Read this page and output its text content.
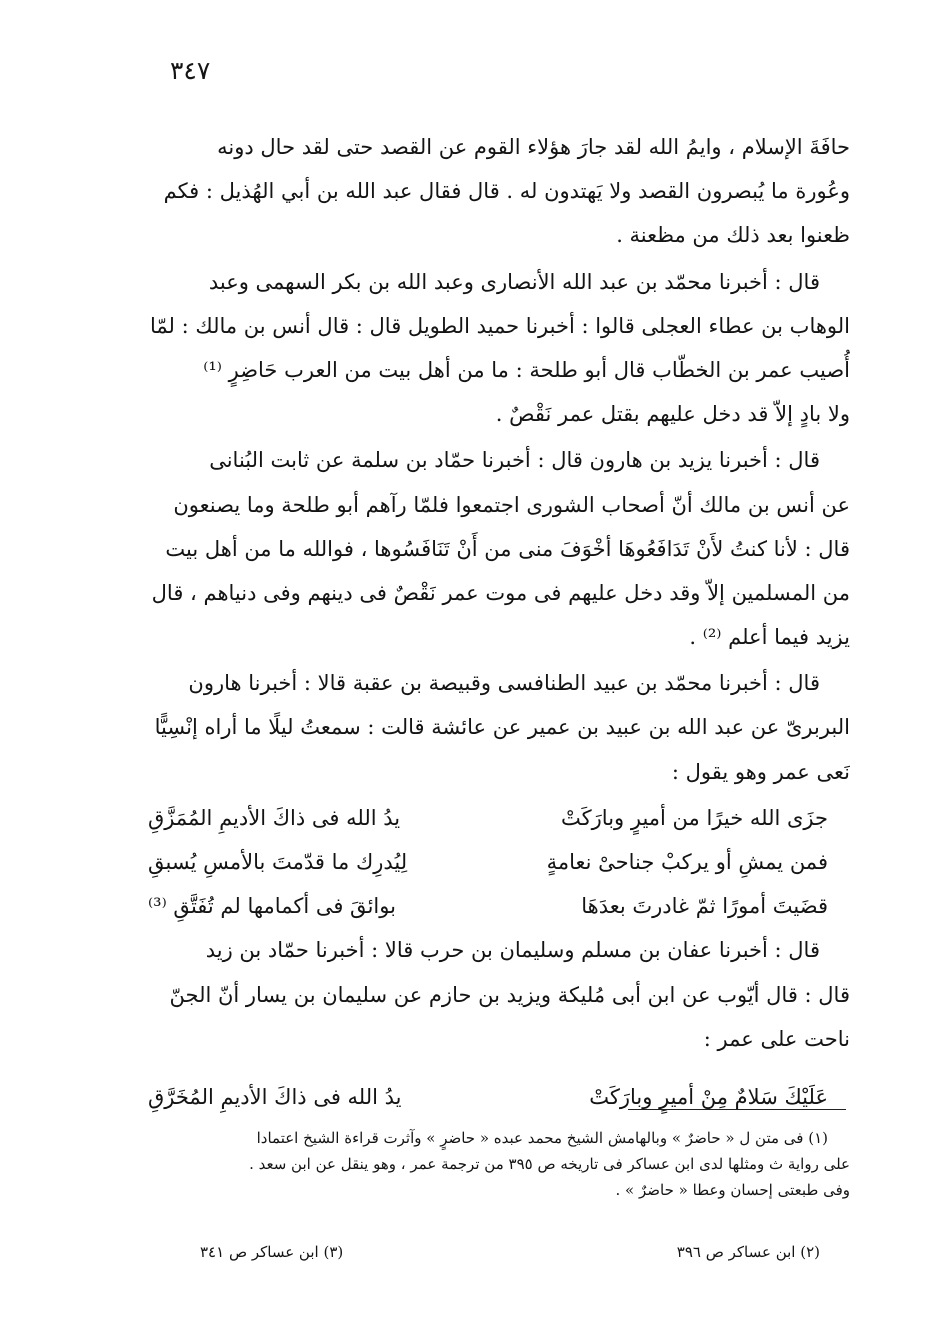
٣٤٧
حافَةَ الإسلام ، وايمُ الله لقد جارَ هؤلاء القوم عن القصد حتى لقد حال دونه
وعُورة ما يُبصرون القصد ولا يَهتدون له . قال فقال عبد الله بن أبي الهُذيل : فكم
ظعنوا بعد ذلك من مظعنة .
قال : أخبرنا محمّد بن عبد الله الأنصارى وعبد الله بن بكر السهمى وعبد
الوهاب بن عطاء العجلى قالوا : أخبرنا حميد الطويل قال : قال أنس بن مالك : لمّا
أُصيب عمر بن الخطّاب قال أبو طلحة : ما من أهل بيت من العرب حَاضِرٍ ⁽¹⁾
ولا بادٍ إلاّ قد دخل عليهم بقتل عمر نَقْصٌ .
قال : أخبرنا يزيد بن هارون قال : أخبرنا حمّاد بن سلمة عن ثابت البُنانى
عن أنس بن مالك أنّ أصحاب الشورى اجتمعوا فلمّا رآهم أبو طلحة وما يصنعون
قال : لأنا كنتُ لأَنْ تَدَافَعُوهَا أخْوَفَ منى من أَنْ تَنَافَسُوها ، فوالله ما من أهل بيت
من المسلمين إلاّ وقد دخل عليهم فى موت عمر نَقْصٌ فى دينهم وفى دنياهم ، قال
يزيد فيما أعلم ⁽²⁾ .
قال : أخبرنا محمّد بن عبيد الطنافسى وقبيصة بن عقبة قالا : أخبرنا هارون
البربرىّ عن عبد الله بن عبيد بن عمير عن عائشة قالت : سمعتُ ليلًا ما أراه إنْسِيًّا
نَعى عمر وهو يقول :
جزَى الله خيرًا من أميرٍ وبارَكَتْ
يدُ الله فى ذاكَ الأديمِ المُمَزَّقِ
فمن يمشِ أو يركبْ جناحىْ نعامةٍ
لِيُدرِك ما قدّمتَ بالأمسِ يُسبقِ
قضَيتَ أمورًا ثمّ غادرتَ بعدَهَا
بوائقَ فى أكمامها لم تُفَتَّقِ ⁽³⁾
قال : أخبرنا عفان بن مسلم وسليمان بن حرب قالا : أخبرنا حمّاد بن زيد
قال : قال أيّوب عن ابن أبى مُليكة ويزيد بن حازم عن سليمان بن يسار أنّ الجنّ
ناحت على عمر :
عَلَيْكَ سَلامٌ مِنْ أميرٍ وبارَكَتْ
يدُ الله فى ذاكَ الأديمِ المُخَرَّقِ
(١) فى متن ل « حاضرٌ » وبالهامش الشيخ محمد عبده « حاضرٍ » وآثرت قراءة الشيخ اعتمادا
على رواية ث ومثلها لدى ابن عساكر فى تاريخه ص ٣٩٥ من ترجمة عمر ، وهو ينقل عن ابن سعد .
وفى طبعتى إحسان وعطا « حاضرٌ » .
(٢) ابن عساكر ص ٣٩٦
(٣) ابن عساكر ص ٣٤١
